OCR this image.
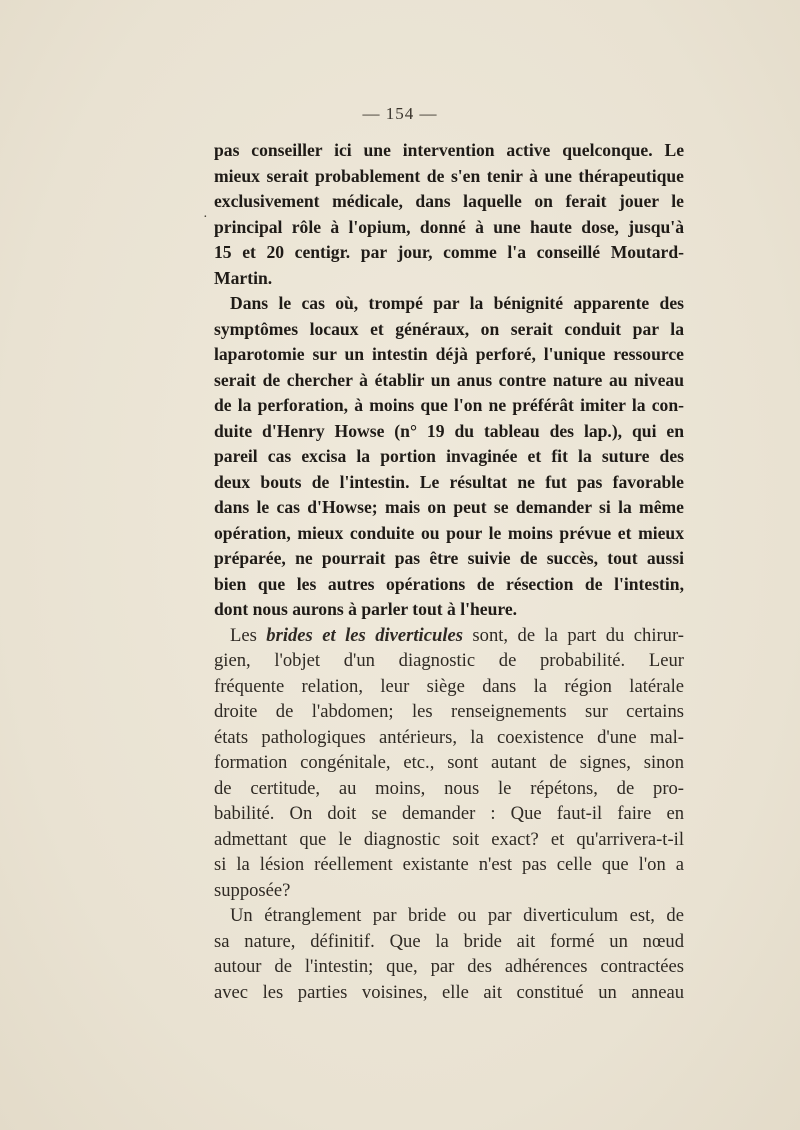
— 154 —
·
pas conseiller ici une intervention active quelconque. Le
mieux serait probablement de s'en tenir à une thérapeutique
exclusivement médicale, dans laquelle on ferait jouer le
principal rôle à l'opium, donné à une haute dose, jusqu'à
15 et 20 centigr. par jour, comme l'a conseillé Moutard-
Martin.
Dans le cas où, trompé par la bénignité apparente des
symptômes locaux et généraux, on serait conduit par la
laparotomie sur un intestin déjà perforé, l'unique ressource
serait de chercher à établir un anus contre nature au niveau
de la perforation, à moins que l'on ne préférât imiter la con-
duite d'Henry Howse (n° 19 du tableau des lap.), qui en
pareil cas excisa la portion invaginée et fit la suture des
deux bouts de l'intestin. Le résultat ne fut pas favorable
dans le cas d'Howse; mais on peut se demander si la même
opération, mieux conduite ou pour le moins prévue et mieux
préparée, ne pourrait pas être suivie de succès, tout aussi
bien que les autres opérations de résection de l'intestin,
dont nous aurons à parler tout à l'heure.
Les brides et les diverticules sont, de la part du chirur-
gien, l'objet d'un diagnostic de probabilité. Leur
fréquente relation, leur siège dans la région latérale
droite de l'abdomen; les renseignements sur certains
états pathologiques antérieurs, la coexistence d'une mal-
formation congénitale, etc., sont autant de signes, sinon
de certitude, au moins, nous le répétons, de pro-
babilité. On doit se demander : Que faut-il faire en
admettant que le diagnostic soit exact? et qu'arrivera-t-il
si la lésion réellement existante n'est pas celle que l'on a
supposée?
Un étranglement par bride ou par diverticulum est, de
sa nature, définitif. Que la bride ait formé un nœud
autour de l'intestin; que, par des adhérences contractées
avec les parties voisines, elle ait constitué un anneau
